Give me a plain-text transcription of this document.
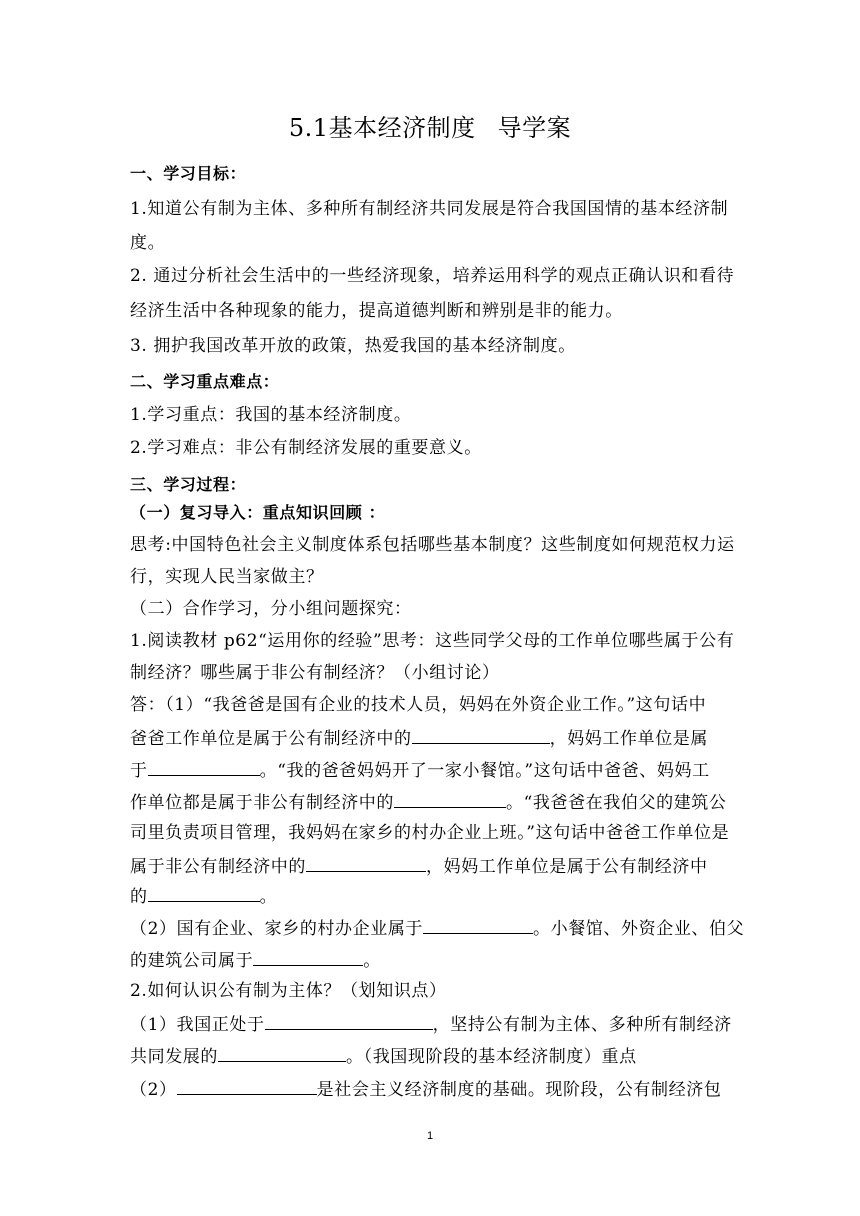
5.1基本经济制度 导学案
一、学习目标：
1.知道公有制为主体、多种所有制经济共同发展是符合我国国情的基本经济制
度。
2. 通过分析社会生活中的一些经济现象，培养运用科学的观点正确认识和看待
经济生活中各种现象的能力，提高道德判断和辨别是非的能力。
3. 拥护我国改革开放的政策，热爱我国的基本经济制度。
二、学习重点难点：
1.学习重点：我国的基本经济制度。
2.学习难点：非公有制经济发展的重要意义。
三、学习过程：
（一）复习导入：重点知识回顾 ：
思考:中国特色社会主义制度体系包括哪些基本制度？这些制度如何规范权力运
行，实现人民当家做主？
（二）合作学习，分小组问题探究：
1.阅读教材 p62“运用你的经验”思考：这些同学父母的工作单位哪些属于公有
制经济？哪些属于非公有制经济？（小组讨论）
答：（1）“我爸爸是国有企业的技术人员，妈妈在外资企业工作。”这句话中
爸爸工作单位是属于公有制经济中的	，妈妈工作单位是属
于	。“我的爸爸妈妈开了一家小餐馆。”这句话中爸爸、妈妈工
作单位都是属于非公有制经济中的	。“我爸爸在我伯父的建筑公
司里负责项目管理，我妈妈在家乡的村办企业上班。”这句话中爸爸工作单位是
属于非公有制经济中的	，妈妈工作单位是属于公有制经济中
的	。
（2）国有企业、家乡的村办企业属于	。小餐馆、外资企业、伯父
的建筑公司属于	。
2.如何认识公有制为主体？（划知识点）
（1）我国正处于	，坚持公有制为主体、多种所有制经济
共同发展的	。（我国现阶段的基本经济制度）重点
（2）	是社会主义经济制度的基础。现阶段，公有制经济包
1
